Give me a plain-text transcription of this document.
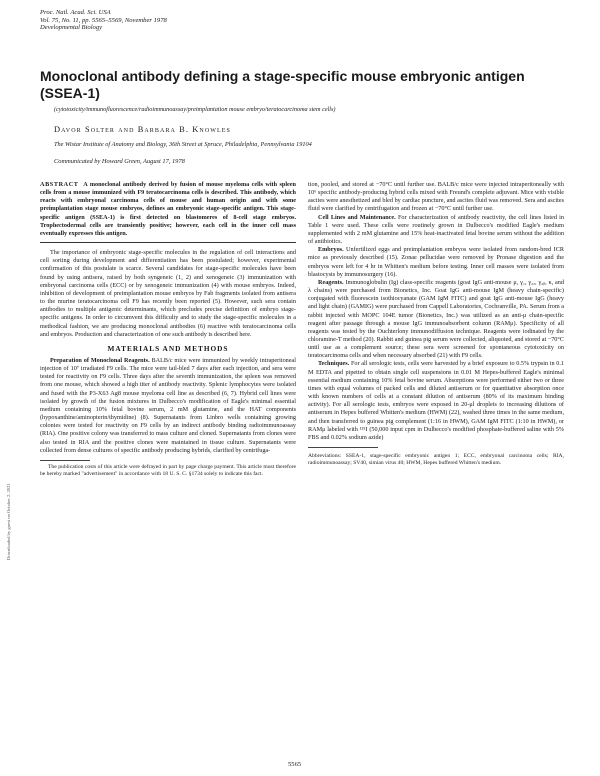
Proc. Natl. Acad. Sci. USA
Vol. 75, No. 11, pp. 5565–5569, November 1978
Developmental Biology
Monoclonal antibody defining a stage-specific mouse embryonic antigen (SSEA-1)
(cytotoxicity/immunofluorescence/radioimmunoassay/preimplantation mouse embryo/teratocarcinoma stem cells)
Davor Solter and Barbara B. Knowles
The Wistar Institute of Anatomy and Biology, 36th Street at Spruce, Philadelphia, Pennsylvania 19104
Communicated by Howard Green, August 17, 1978

ABSTRACT A monoclonal antibody derived by fusion of mouse myeloma cells with spleen cells from a mouse immunized with F9 teratocarcinoma cells is described. This antibody, which reacts with embryonal carcinoma cells of mouse and human origin and with some preimplantation stage mouse embryos, defines an embryonic stage-specific antigen. This stage-specific antigen (SSEA-1) is first detected on blastomeres of 8-cell stage embryos. Trophectodermal cells are transiently positive; however, each cell in the inner cell mass eventually expresses this antigen.

The importance of embryonic stage-specific molecules in the regulation of cell interactions and cell sorting during development and differentiation has been postulated; however, experimental confirmation of this postulate is scarce. Several candidates for stage-specific molecules have been found by using antisera, raised by both syngeneic (1, 2) and xenogeneic (3) immunization with embryonal carcinoma cells (ECC) or by xenogeneic immunization (4) with mouse embryos. Indeed, inhibition of development of preimplantation mouse embryos by Fab fragments isolated from antisera to the murine teratocarcinoma cell F9 has recently been reported (5). However, such sera contain antibodies to multiple antigenic determinants, which precludes precise definition of embryo stage-specific antigens. In order to circumvent this difficulty and to study the stage-specific molecules in a methodical fashion, we are producing monoclonal antibodies (6) reactive with teratocarcinoma cells and embryos. Production and characterization of one such antibody is described here.

MATERIALS AND METHODS

Preparation of Monoclonal Reagents. BALB/c mice were immunized by weekly intraperitoneal injection of 10⁷ irradiated F9 cells. The mice were tail-bled 7 days after each injection, and sera were tested for reactivity on F9 cells. Three days after the seventh immunization, the spleen was removed from one mouse, which showed a high titer of antibody reactivity. Splenic lymphocytes were isolated and fused with the P3-X63 Ag8 mouse myeloma cell line as described (6, 7). Hybrid cell lines were isolated by growth of the fusion mixtures in Dulbecco's modification of Eagle's minimal essential medium containing 10% fetal bovine serum, 2 mM glutamine, and the HAT components (hypoxanthine/aminopterin/thymidine) (8). Supernatants from Linbro wells containing growing colonies were tested for reactivity on F9 cells by an indirect antibody binding radioimmunoassay (RIA). One positive colony was transferred to mass culture and cloned. Supernatants from clones were also tested in RIA and the positive clones were maintained in tissue culture. Supernatants were collected from dense cultures of specific antibody producing hybrids, clarified by centrifuga-

The publication costs of this article were defrayed in part by page charge payment. This article must therefore be hereby marked "advertisement" in accordance with 18 U. S. C. §1734 solely to indicate this fact.

tion, pooled, and stored at −70°C until further use. BALB/c mice were injected intraperitoneally with 10⁶ specific antibody-producing hybrid cells mixed with Freund's complete adjuvant. Mice with visible ascites were anesthetized and bled by cardiac puncture, and ascites fluid was removed. Sera and ascites fluid were clarified by centrifugation and frozen at −70°C until further use.

Cell Lines and Maintenance. For characterization of antibody reactivity, the cell lines listed in Table 1 were used. These cells were routinely grown in Dulbecco's modified Eagle's medium supplemented with 2 mM glutamine and 15% heat-inactivated fetal bovine serum without the addition of antibiotics.

Embryos. Unfertilized eggs and preimplantation embryos were isolated from random-bred ICR mice as previously described (15). Zonae pellucidae were removed by Pronase digestion and the embryos were left for 4 hr in Whitten's medium before testing. Inner cell masses were isolated from blastocysts by immunosurgery (16).

Reagents. Immunoglobulin (Ig) class-specific reagents (goat IgG anti-mouse μ, γ₁, γ₂ₐ, γ₂ᵦ, κ, and λ chains) were purchased from Bionetics, Inc. Goat IgG anti-mouse IgM (heavy chain-specific) conjugated with fluorescein isothiocyanate (GAM IgM FITC) and goat IgG anti-mouse IgG (heavy and light chain) (GAMIG) were purchased from Cappell Laboratories, Cochranville, PA. Serum from a rabbit injected with MOPC 104E tumor (Bionetics, Inc.) was utilized as an anti-μ chain-specific reagent after passage through a mouse IgG immunoabsorbent column (RAMμ). Specificity of all reagents was tested by the Ouchterlony immunodiffusion technique. Reagents were iodinated by the chloramine-T method (20). Rabbit and guinea pig serum were collected, aliquoted, and stored at −70°C until use as a complement source; these sera were screened for spontaneous cytotoxicity on teratocarcinoma cells and when necessary absorbed (21) with F9 cells.

Techniques. For all serologic tests, cells were harvested by a brief exposure to 0.5% trypsin in 0.1 M EDTA and pipetted to obtain single cell suspensions in 0.01 M Hepes-buffered Eagle's minimal essential medium containing 10% fetal bovine serum. Absorptions were performed either two or three times with equal volumes of packed cells and diluted antiserum or for quantitative absorption once with known numbers of cells at a constant dilution of antiserum (80% of its maximum binding activity). For all serologic tests, embryos were exposed in 20-μl droplets to increasing dilutions of antiserum in Hepes buffered Whitten's medium (HWM) (22), washed three times in the same medium, and then transferred to guinea pig complement (1:16 in HWM), GAM IgM FITC (1:10 in HWM), or RAMμ labeled with ¹²⁵I (50,000 input cpm in Dulbecco's modified phosphate-buffered saline with 5% FBS and 0.02% sodium azide)

Abbreviations: SSEA-1, stage-specific embryonic antigen 1; ECC, embryonal carcinoma cells; RIA, radioimmunoassay; SV40, simian virus 40; HWM, Hepes buffered Whitten's medium.

5565
Downloaded by guest on October 2, 2021
